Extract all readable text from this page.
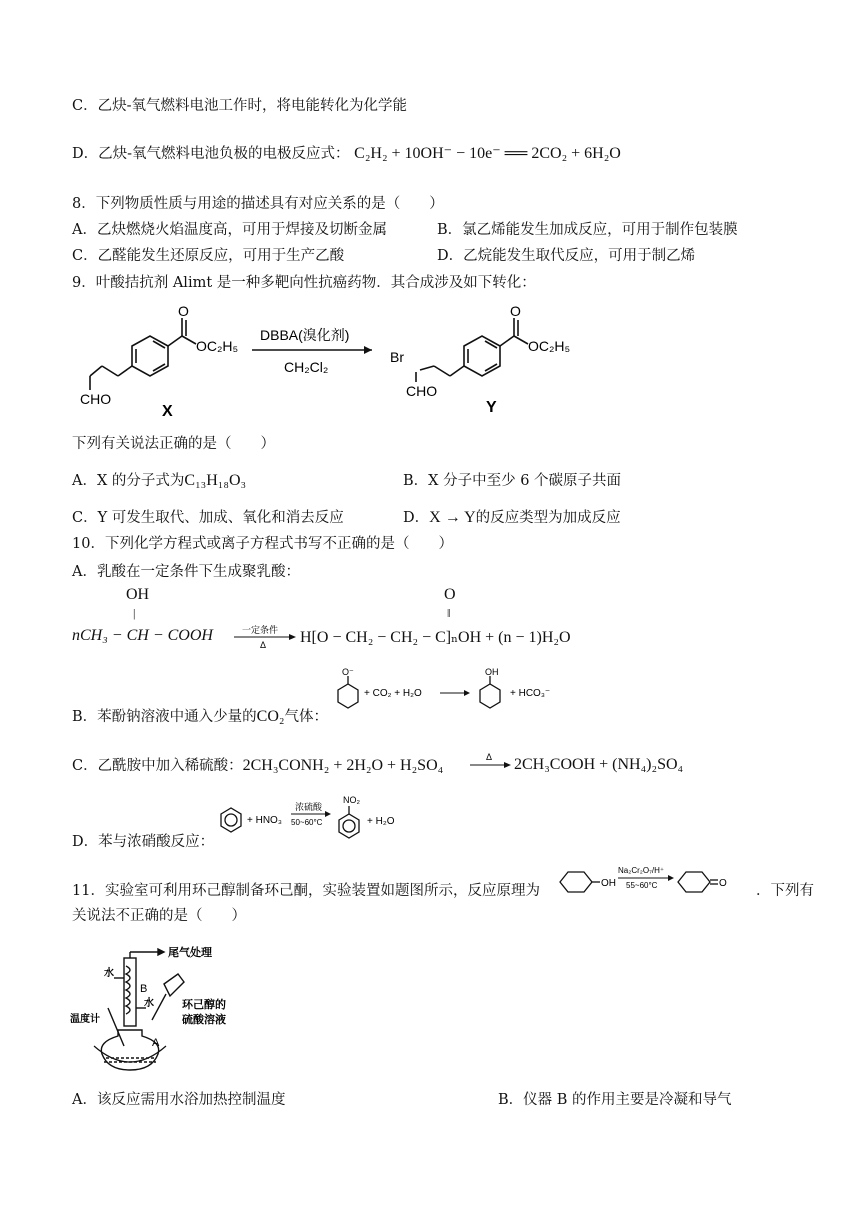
C．乙炔-氧气燃料电池工作时，将电能转化为化学能
D．乙炔-氧气燃料电池负极的电极反应式： C₂H₂ + 10OH⁻ − 10e⁻ ══ 2CO₂ + 6H₂O
8．下列物质性质与用途的描述具有对应关系的是（　　）
A．乙炔燃烧火焰温度高，可用于焊接及切断金属	B．氯乙烯能发生加成反应，可用于制作包装膜
C．乙醛能发生还原反应，可用于生产乙酸	D．乙烷能发生取代反应，可用于制乙烯
9．叶酸拮抗剂 Alimt 是一种多靶向性抗癌药物．其合成涉及如下转化：
O
OC₂H₅
CHO
X
DBBA(溴化剂)
CH₂Cl₂
O
OC₂H₅
Br
CHO
Y
下列有关说法正确的是（　　）
A．X 的分子式为C₁₃H₁₈O₃	B．X 分子中至少 6 个碳原子共面
C．Y 可发生取代、加成、氧化和消去反应	D．X → Y的反应类型为加成反应
10．下列化学方程式或离子方程式书写不正确的是（　　）
A．乳酸在一定条件下生成聚乳酸：
OH
|
O
‖
nCH₃ − CH − COOH	一定条件
Δ H[O − CH₂ − CH₂ − C]ₙOH + (n − 1)H₂O
O⁻
+ CO₂ + H₂O
OH
+ HCO₃⁻
B．苯酚钠溶液中通入少量的CO₂气体：
C．乙酰胺中加入稀硫酸：2CH₃CONH₂ + 2H₂O + H₂SO₄	Δ 2CH₃COOH + (NH₄)₂SO₄
+ HNO₃
浓硫酸
50~60°C
NO₂
+ H₂O
D．苯与浓硝酸反应：
11．实验室可利用环己醇制备环己酮，实验装置如题图所示，反应原理为	OH
Na₂Cr₂O₇/H⁺
55~60°C	O ．下列有
关说法不正确的是（　　）
尾气处理
水
B
水	环己醇的
硫酸溶液
温度计
A
A．该反应需用水浴加热控制温度	B．仪器 B 的作用主要是冷凝和导气
